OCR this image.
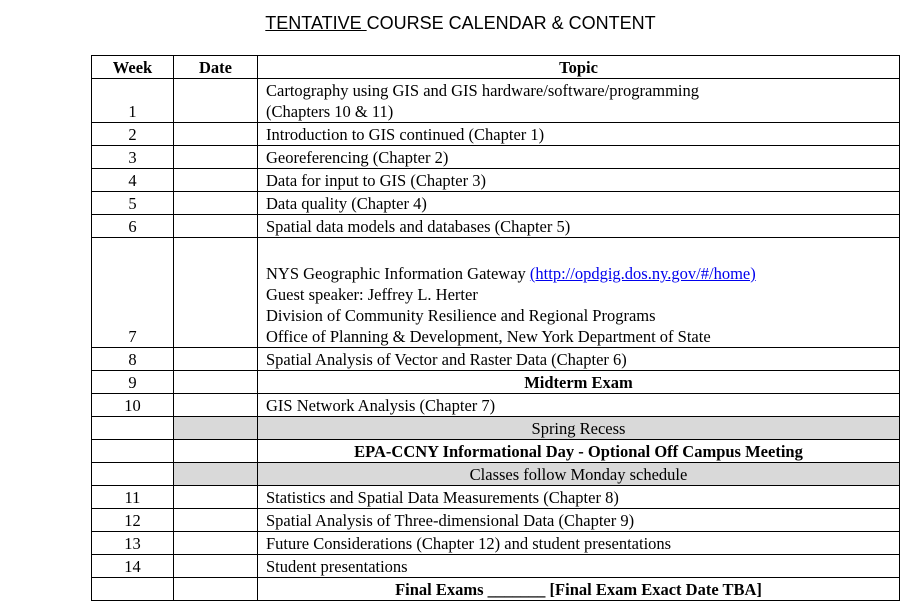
TENTATIVE COURSE CALENDAR & CONTENT
Week	Date	Topic
1		Cartography using GIS and GIS hardware/software/programming
(Chapters 10 & 11)

2		Introduction to GIS continued (Chapter 1)
3		Georeferencing (Chapter 2)
4		Data for input to GIS (Chapter 3)
5		Data quality (Chapter 4)
6		Spatial data models and databases (Chapter 5)
7		NYS Geographic Information Gateway (http://opdgig.dos.ny.gov/#/home)
Guest speaker: Jeffrey L. Herter
Division of Community Resilience and Regional Programs
Office of Planning & Development, New York Department of State

8		Spatial Analysis of Vector and Raster Data (Chapter 6)
9		Midterm Exam
10		GIS Network Analysis (Chapter 7)
		Spring Recess
		EPA-CCNY Informational Day - Optional Off Campus Meeting
		Classes follow Monday schedule
11		Statistics and Spatial Data Measurements (Chapter 8)
12		Spatial Analysis of Three-dimensional Data (Chapter 9)
13		Future Considerations (Chapter 12) and student presentations
14		Student presentations
		Final Exams _______ [Final Exam Exact Date TBA]
